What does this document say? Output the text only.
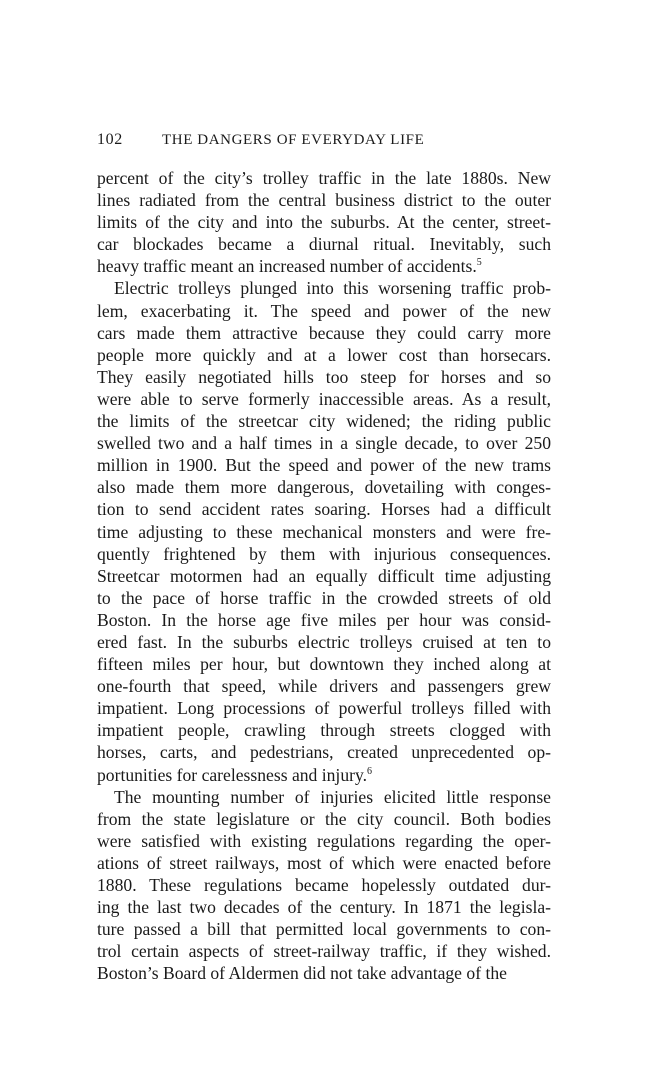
102	THE DANGERS OF EVERYDAY LIFE
percent of the city’s trolley traffic in the late 1880s. New
lines radiated from the central business district to the outer
limits of the city and into the suburbs. At the center, street-
car blockades became a diurnal ritual. Inevitably, such
heavy traffic meant an increased number of accidents.$^5$
Electric trolleys plunged into this worsening traffic prob-
lem, exacerbating it. The speed and power of the new
cars made them attractive because they could carry more
people more quickly and at a lower cost than horsecars.
They easily negotiated hills too steep for horses and so
were able to serve formerly inaccessible areas. As a result,
the limits of the streetcar city widened; the riding public
swelled two and a half times in a single decade, to over 250
million in 1900. But the speed and power of the new trams
also made them more dangerous, dovetailing with conges-
tion to send accident rates soaring. Horses had a difficult
time adjusting to these mechanical monsters and were fre-
quently frightened by them with injurious consequences.
Streetcar motormen had an equally difficult time adjusting
to the pace of horse traffic in the crowded streets of old
Boston. In the horse age five miles per hour was consid-
ered fast. In the suburbs electric trolleys cruised at ten to
fifteen miles per hour, but downtown they inched along at
one-fourth that speed, while drivers and passengers grew
impatient. Long processions of powerful trolleys filled with
impatient people, crawling through streets clogged with
horses, carts, and pedestrians, created unprecedented op-
portunities for carelessness and injury.$^6$
The mounting number of injuries elicited little response
from the state legislature or the city council. Both bodies
were satisfied with existing regulations regarding the oper-
ations of street railways, most of which were enacted before
1880. These regulations became hopelessly outdated dur-
ing the last two decades of the century. In 1871 the legisla-
ture passed a bill that permitted local governments to con-
trol certain aspects of street-railway traffic, if they wished.
Boston’s Board of Aldermen did not take advantage of the
